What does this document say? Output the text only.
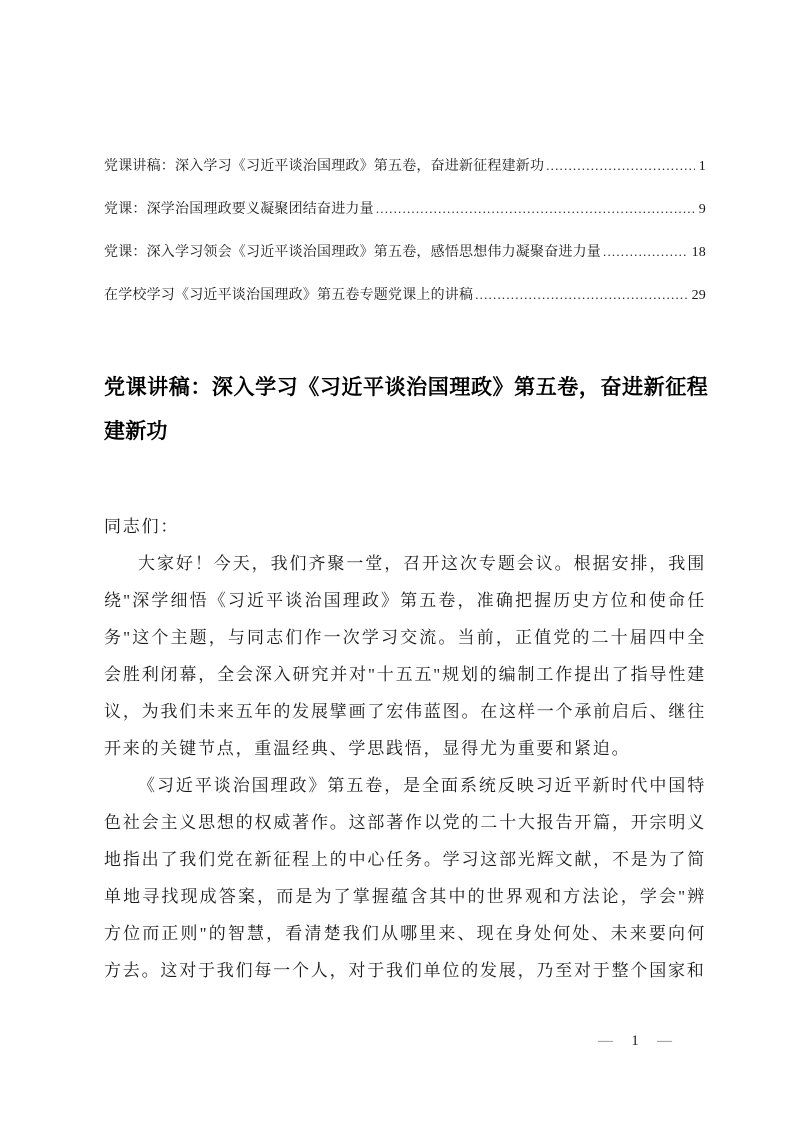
党课讲稿：深入学习《习近平谈治国理政》第五卷，奋进新征程建新功 .....	1
党课：深学治国理政要义凝聚团结奋进力量 .....	9
党课：深入学习领会《习近平谈治国理政》第五卷，感悟思想伟力凝聚奋进力量 .....	18
在学校学习《习近平谈治国理政》第五卷专题党课上的讲稿 .....	29
党课讲稿：深入学习《习近平谈治国理政》第五卷，奋进新征程建新功

同志们：

大家好！今天，我们齐聚一堂，召开这次专题会议。根据安排，我围绕"深学细悟《习近平谈治国理政》第五卷，准确把握历史方位和使命任务"这个主题，与同志们作一次学习交流。当前，正值党的二十届四中全会胜利闭幕，全会深入研究并对"十五五"规划的编制工作提出了指导性建议，为我们未来五年的发展擘画了宏伟蓝图。在这样一个承前启后、继往开来的关键节点，重温经典、学思践悟，显得尤为重要和紧迫。

《习近平谈治国理政》第五卷，是全面系统反映习近平新时代中国特色社会主义思想的权威著作。这部著作以党的二十大报告开篇，开宗明义地指出了我们党在新征程上的中心任务。学习这部光辉文献，不是为了简单地寻找现成答案，而是为了掌握蕴含其中的世界观和方法论，学会"辨方位而正则"的智慧，看清楚我们从哪里来、现在身处何处、未来要向何方去。这对于我们每一个人，对于我们单位的发展，乃至对于整个国家和

— 1 —
